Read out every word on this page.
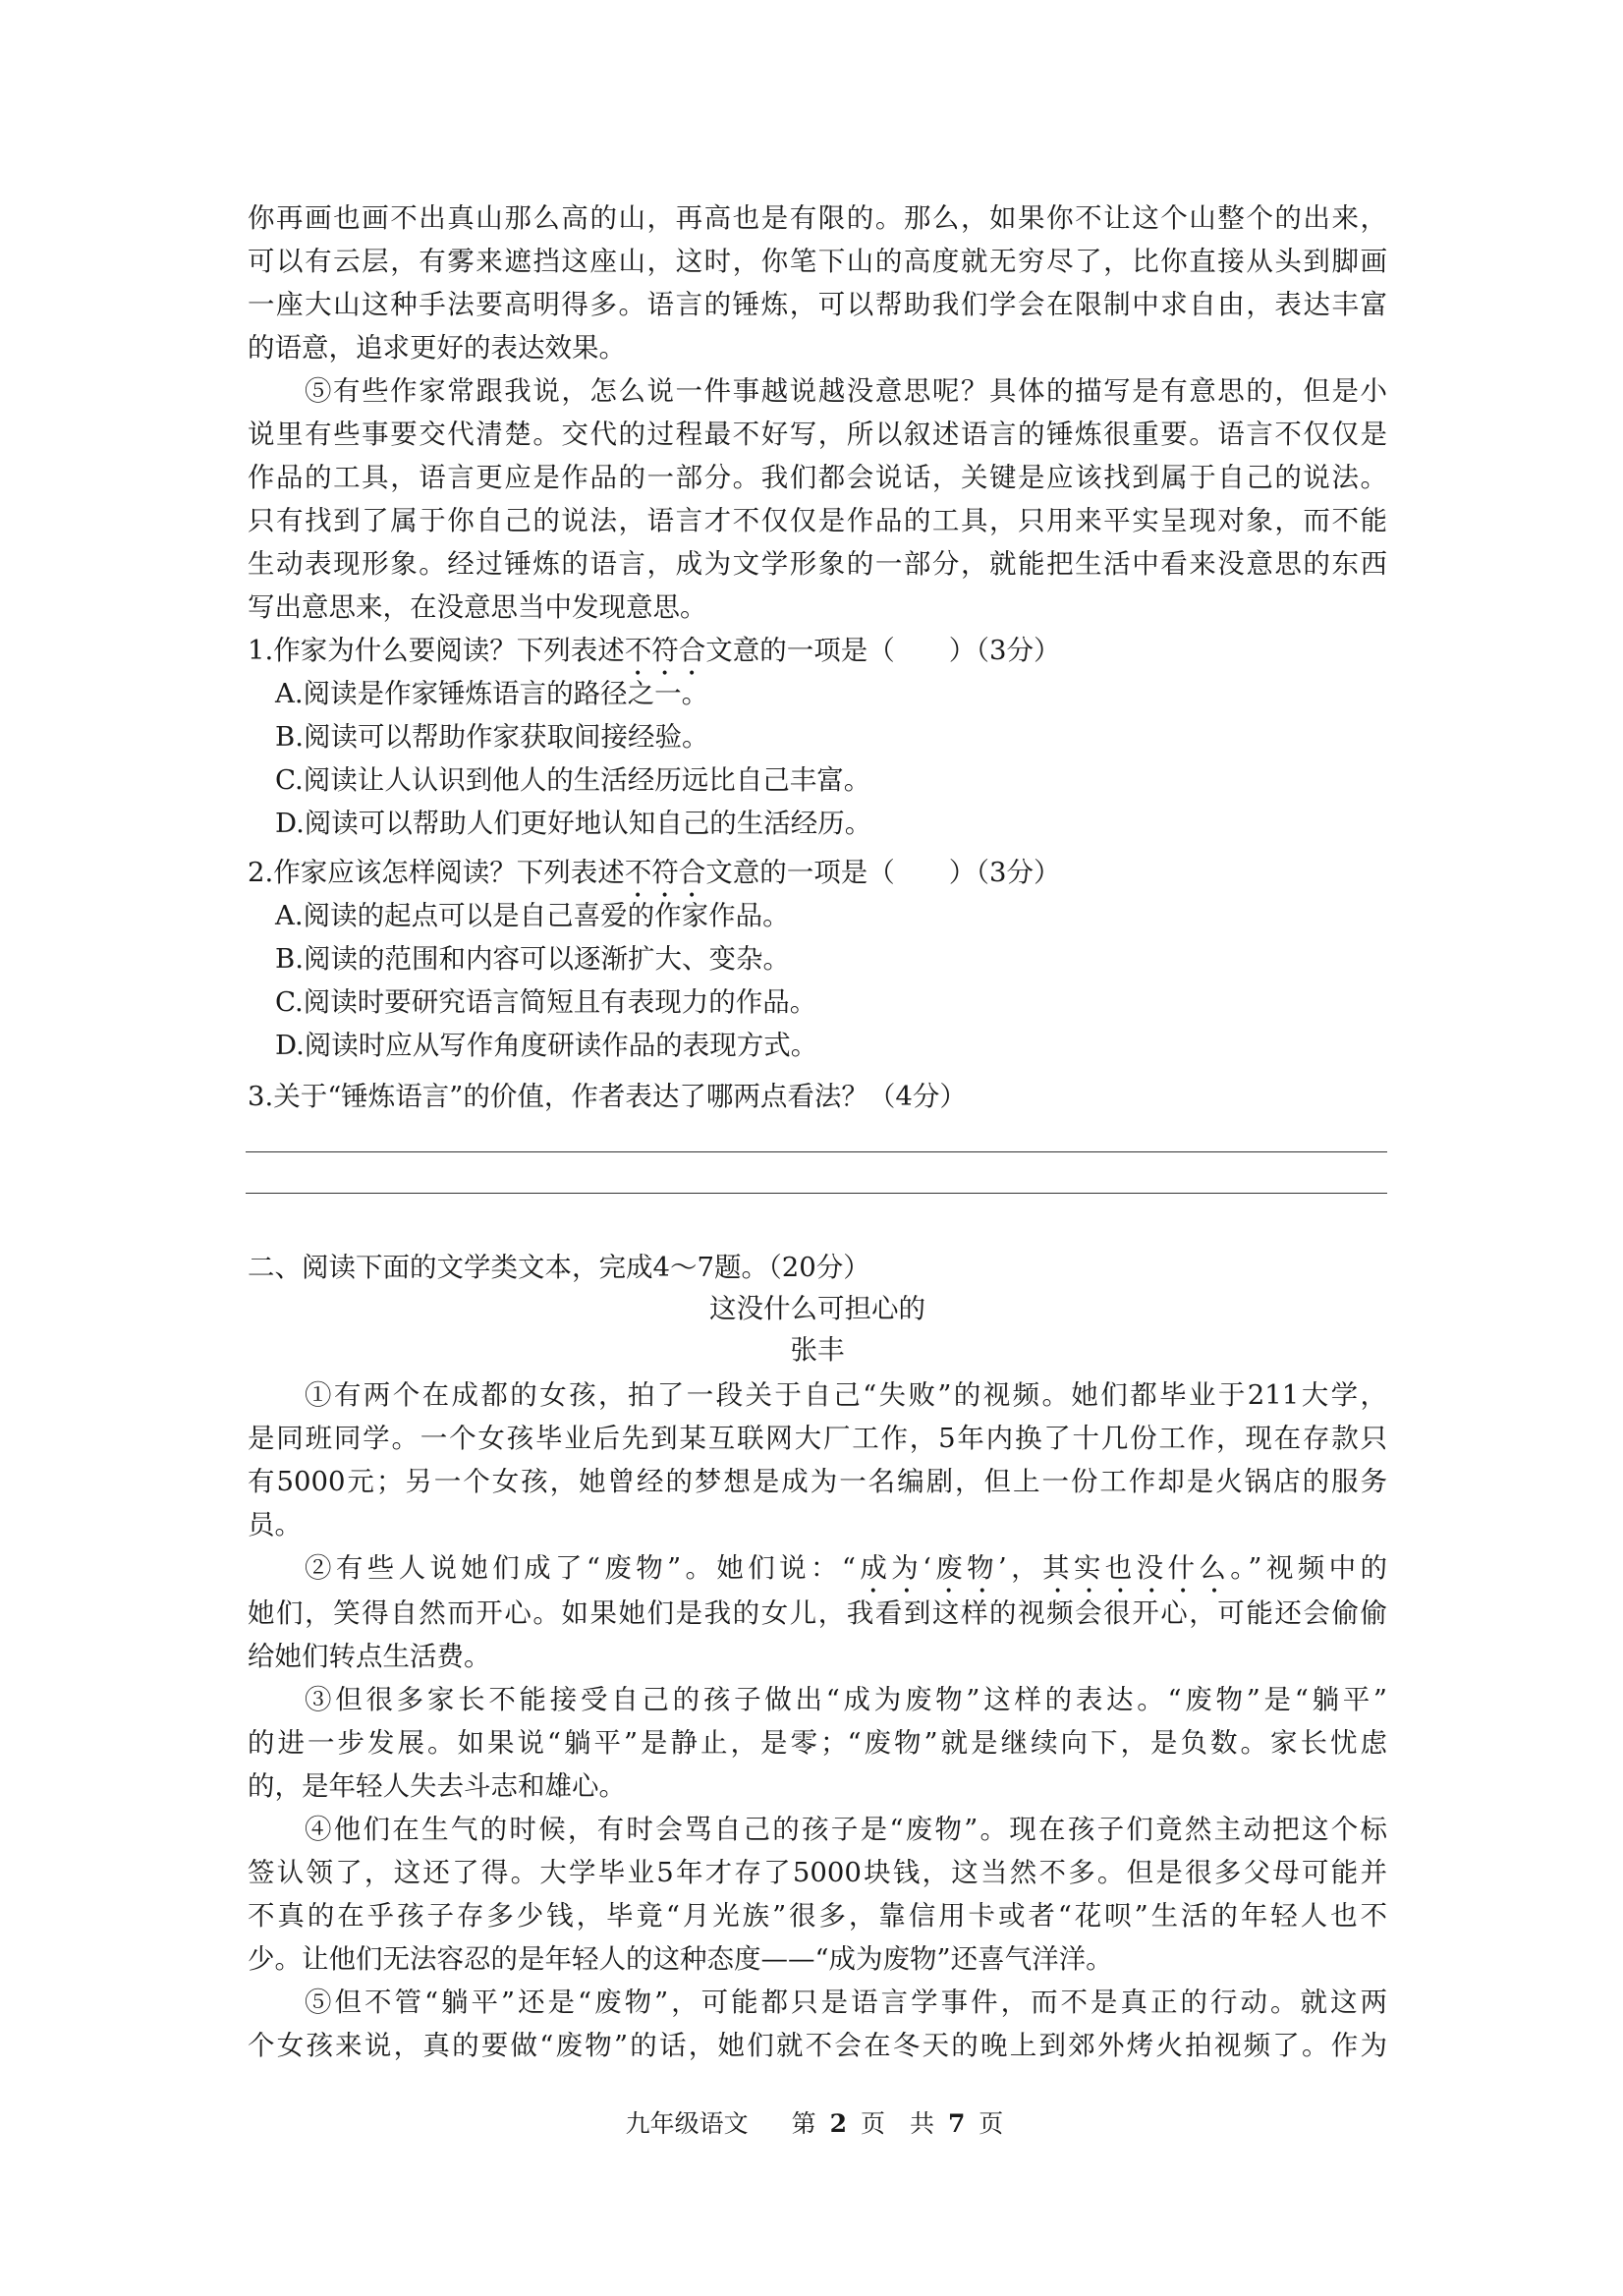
你再画也画不出真山那么高的山，再高也是有限的。那么，如果你不让这个山整个的出来，
可以有云层，有雾来遮挡这座山，这时，你笔下山的高度就无穷尽了，比你直接从头到脚画
一座大山这种手法要高明得多。语言的锤炼，可以帮助我们学会在限制中求自由，表达丰富
的语意，追求更好的表达效果。
⑤有些作家常跟我说，怎么说一件事越说越没意思呢？具体的描写是有意思的，但是小
说里有些事要交代清楚。交代的过程最不好写，所以叙述语言的锤炼很重要。语言不仅仅是
作品的工具，语言更应是作品的一部分。我们都会说话，关键是应该找到属于自己的说法。
只有找到了属于你自己的说法，语言才不仅仅是作品的工具，只用来平实呈现对象，而不能
生动表现形象。经过锤炼的语言，成为文学形象的一部分，就能把生活中看来没意思的东西
写出意思来，在没意思当中发现意思。
1.作家为什么要阅读？下列表述不符合文意的一项是（　　）（3分）
A.阅读是作家锤炼语言的路径之一。
B.阅读可以帮助作家获取间接经验。
C.阅读让人认识到他人的生活经历远比自己丰富。
D.阅读可以帮助人们更好地认知自己的生活经历。
2.作家应该怎样阅读？下列表述不符合文意的一项是（　　）（3分）
A.阅读的起点可以是自己喜爱的作家作品。
B.阅读的范围和内容可以逐渐扩大、变杂。
C.阅读时要研究语言简短且有表现力的作品。
D.阅读时应从写作角度研读作品的表现方式。
3.关于“锤炼语言”的价值，作者表达了哪两点看法？（4分）
二、阅读下面的文学类文本，完成4～7题。（20分）
这没什么可担心的
张丰
①有两个在成都的女孩，拍了一段关于自己“失败”的视频。她们都毕业于211大学，
是同班同学。一个女孩毕业后先到某互联网大厂工作，5年内换了十几份工作，现在存款只
有5000元；另一个女孩，她曾经的梦想是成为一名编剧，但上一份工作却是火锅店的服务
员。
②有些人说她们成了“废物”。她们说：“成为‘废物’，其实也没什么。”视频中的
她们，笑得自然而开心。如果她们是我的女儿，我看到这样的视频会很开心，可能还会偷偷
给她们转点生活费。
③但很多家长不能接受自己的孩子做出“成为废物”这样的表达。“废物”是“躺平”
的进一步发展。如果说“躺平”是静止，是零；“废物”就是继续向下，是负数。家长忧虑
的，是年轻人失去斗志和雄心。
④他们在生气的时候，有时会骂自己的孩子是“废物”。现在孩子们竟然主动把这个标
签认领了，这还了得。大学毕业5年才存了5000块钱，这当然不多。但是很多父母可能并
不真的在乎孩子存多少钱，毕竟“月光族”很多，靠信用卡或者“花呗”生活的年轻人也不
少。让他们无法容忍的是年轻人的这种态度——“成为废物”还喜气洋洋。
⑤但不管“躺平”还是“废物”，可能都只是语言学事件，而不是真正的行动。就这两
个女孩来说，真的要做“废物”的话，她们就不会在冬天的晚上到郊外烤火拍视频了。作为
九年级语文 第 2 页　共 7 页
